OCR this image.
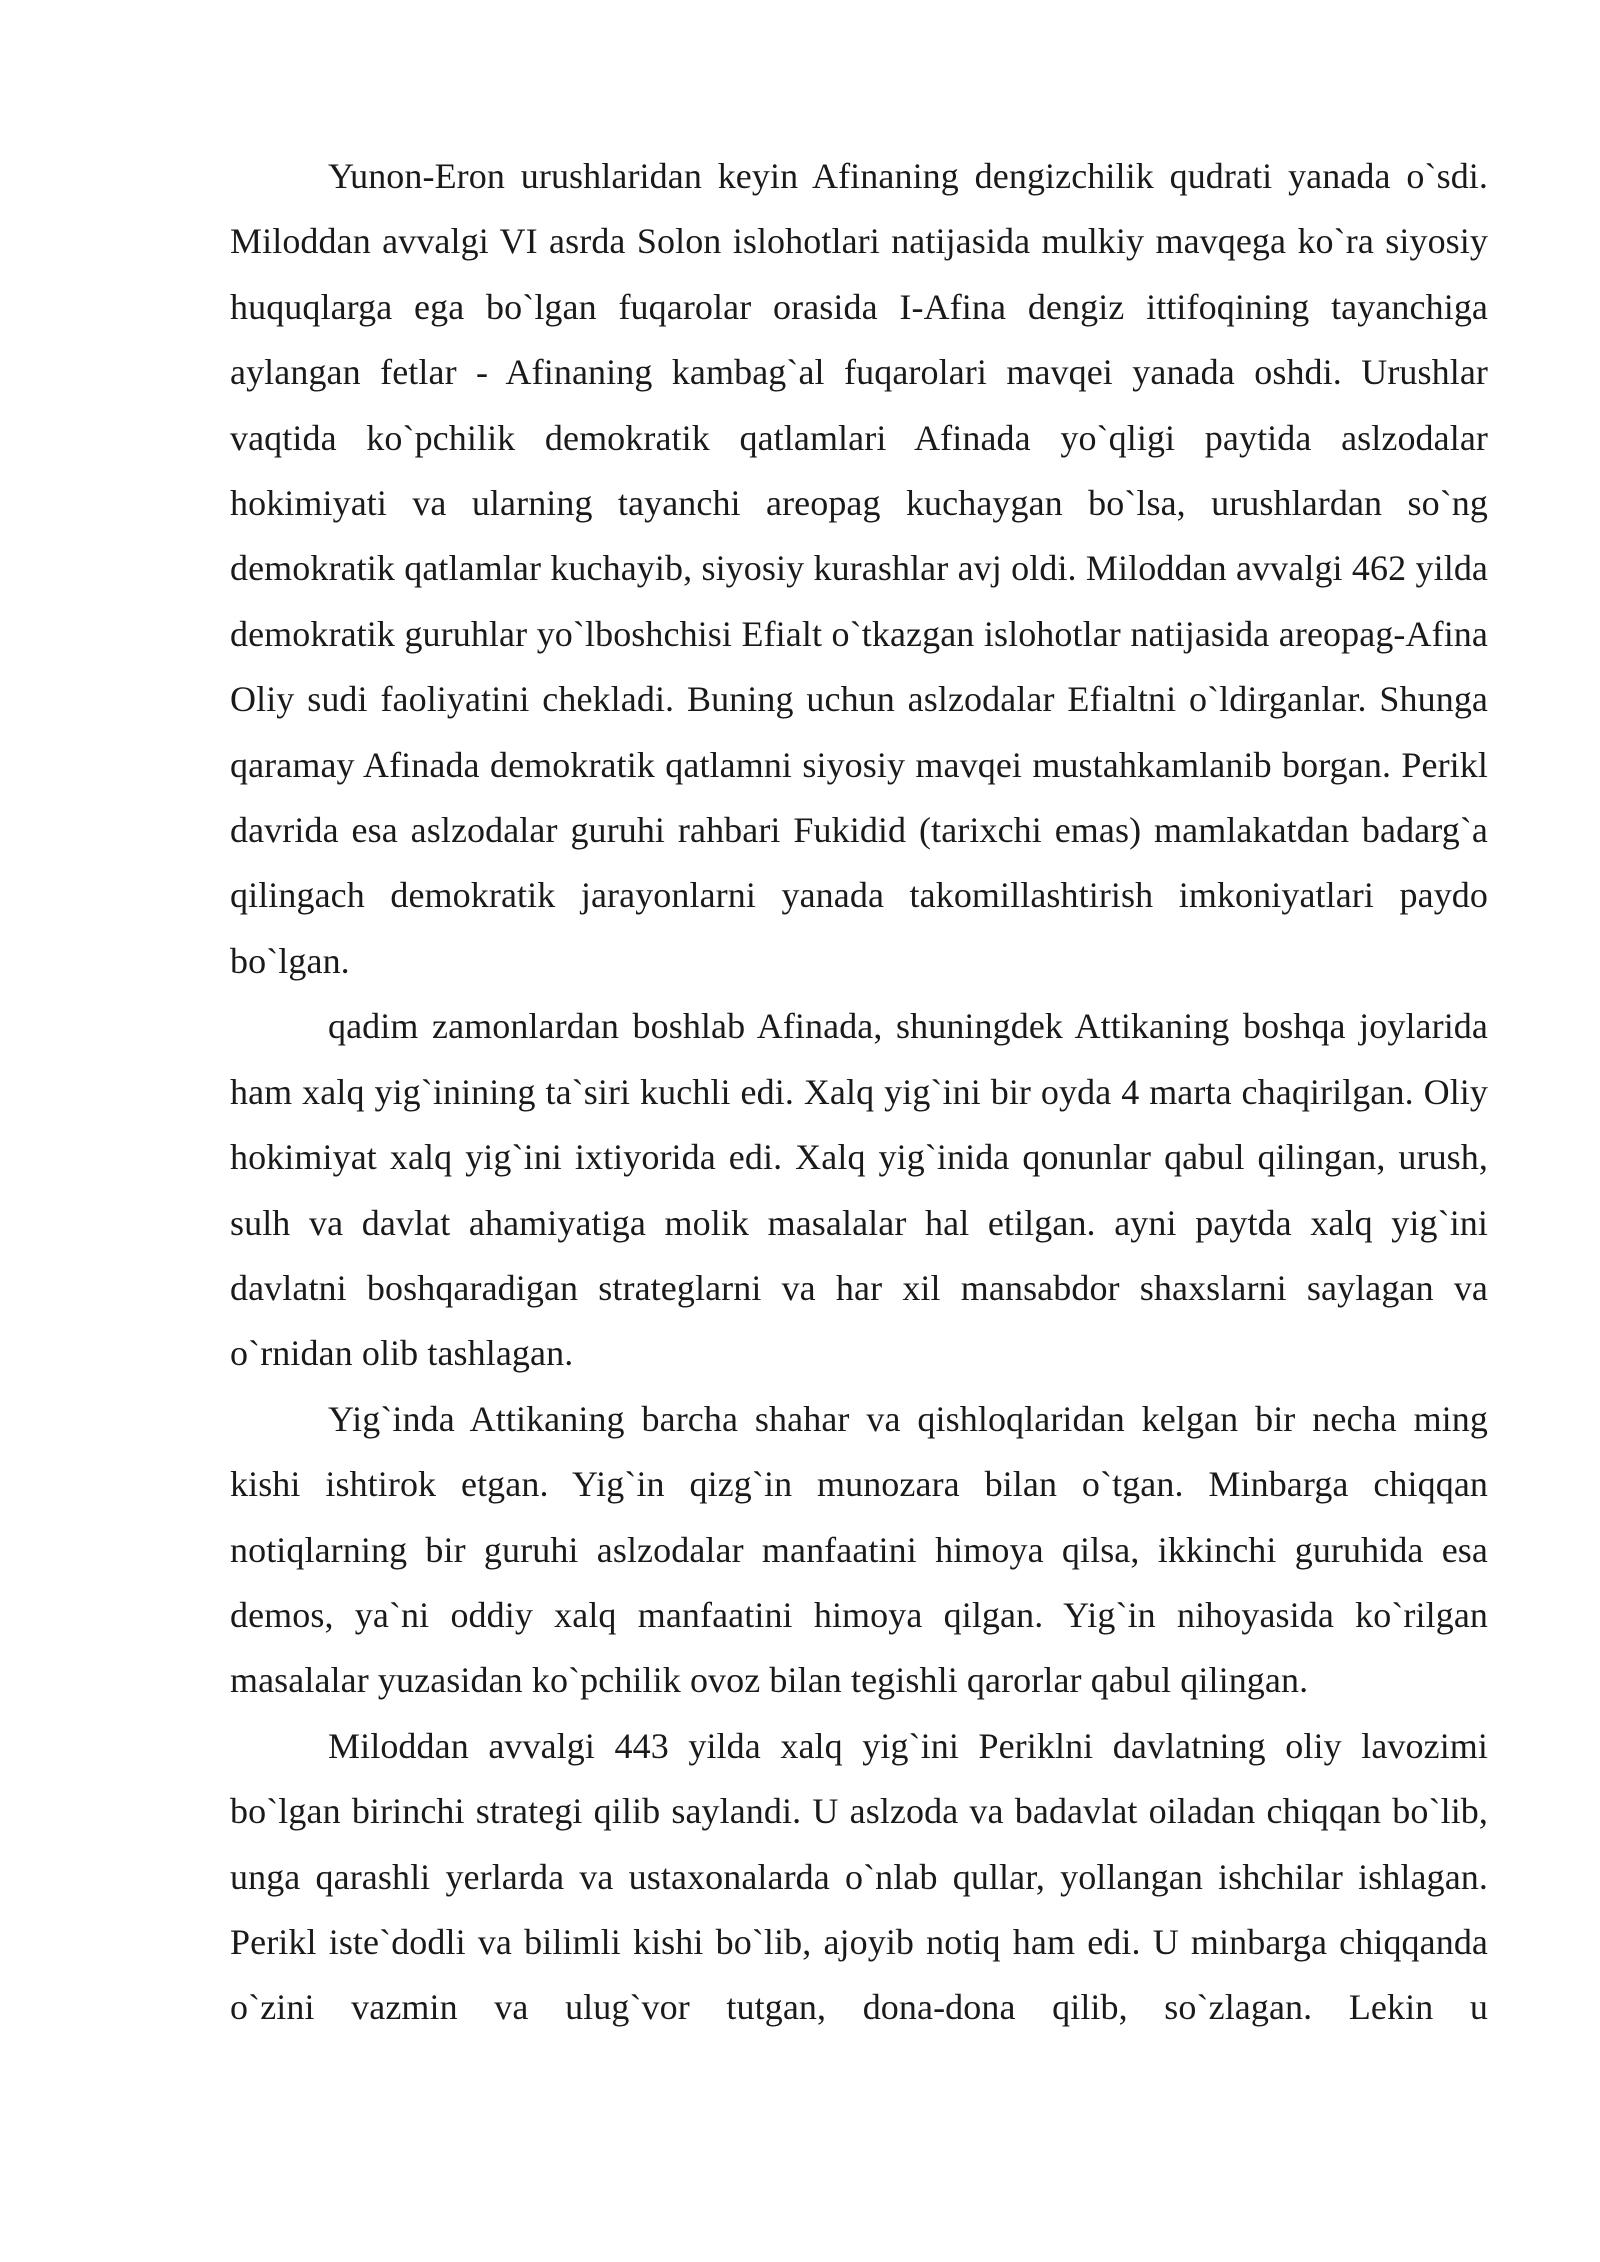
Yunon-Eron urushlaridan keyin Afinaning dengizchilik qudrati yanada o`sdi. Miloddan avvalgi VI asrda Solon islohotlari natijasida mulkiy mavqega ko`ra siyosiy huquqlarga ega bo`lgan fuqarolar orasida I-Afina dengiz ittifoqining tayanchiga aylangan fetlar - Afinaning kambag`al fuqarolari mavqei yanada oshdi. Urushlar vaqtida ko`pchilik demokratik qatlamlari Afinada yo`qligi paytida aslzodalar hokimiyati va ularning tayanchi areopag kuchaygan bo`lsa, urushlardan so`ng demokratik qatlamlar kuchayib, siyosiy kurashlar avj oldi. Miloddan avvalgi 462 yilda demokratik guruhlar yo`lboshchisi Efialt o`tkazgan islohotlar natijasida areopag-Afina Oliy sudi faoliyatini chekladi. Buning uchun aslzodalar Efialtni o`ldirganlar. Shunga qaramay Afinada demokratik qatlamni siyosiy mavqei mustahkamlanib borgan. Perikl davrida esa aslzodalar guruhi rahbari Fukidid (tarixchi emas) mamlakatdan badarg`a qilingach demokratik jarayonlarni yanada takomillashtirish imkoniyatlari paydo bo`lgan.

qadim zamonlardan boshlab Afinada, shuningdek Attikaning boshqa joylarida ham xalq yig`inining ta`siri kuchli edi. Xalq yig`ini bir oyda 4 marta chaqirilgan. Oliy hokimiyat xalq yig`ini ixtiyorida edi. Xalq yig`inida qonunlar qabul qilingan, urush, sulh va davlat ahamiyatiga molik masalalar hal etilgan. ayni paytda xalq yig`ini davlatni boshqaradigan strateglarni va har xil mansabdor shaxslarni saylagan va o`rnidan olib tashlagan.

Yig`inda Attikaning barcha shahar va qishloqlaridan kelgan bir necha ming kishi ishtirok etgan. Yig`in qizg`in munozara bilan o`tgan. Minbarga chiqqan notiqlarning bir guruhi aslzodalar manfaatini himoya qilsa, ikkinchi guruhida esa demos, ya`ni oddiy xalq manfaatini himoya qilgan. Yig`in nihoyasida ko`rilgan masalalar yuzasidan ko`pchilik ovoz bilan tegishli qarorlar qabul qilingan.

Miloddan avvalgi 443 yilda xalq yig`ini Periklni davlatning oliy lavozimi bo`lgan birinchi strategi qilib saylandi. U aslzoda va badavlat oiladan chiqqan bo`lib, unga qarashli yerlarda va ustaxonalarda o`nlab qullar, yollangan ishchilar ishlagan. Perikl iste`dodli va bilimli kishi bo`lib, ajoyib notiq ham edi. U minbarga chiqqanda o`zini vazmin va ulug`vor tutgan, dona-dona qilib, so`zlagan. Lekin u
